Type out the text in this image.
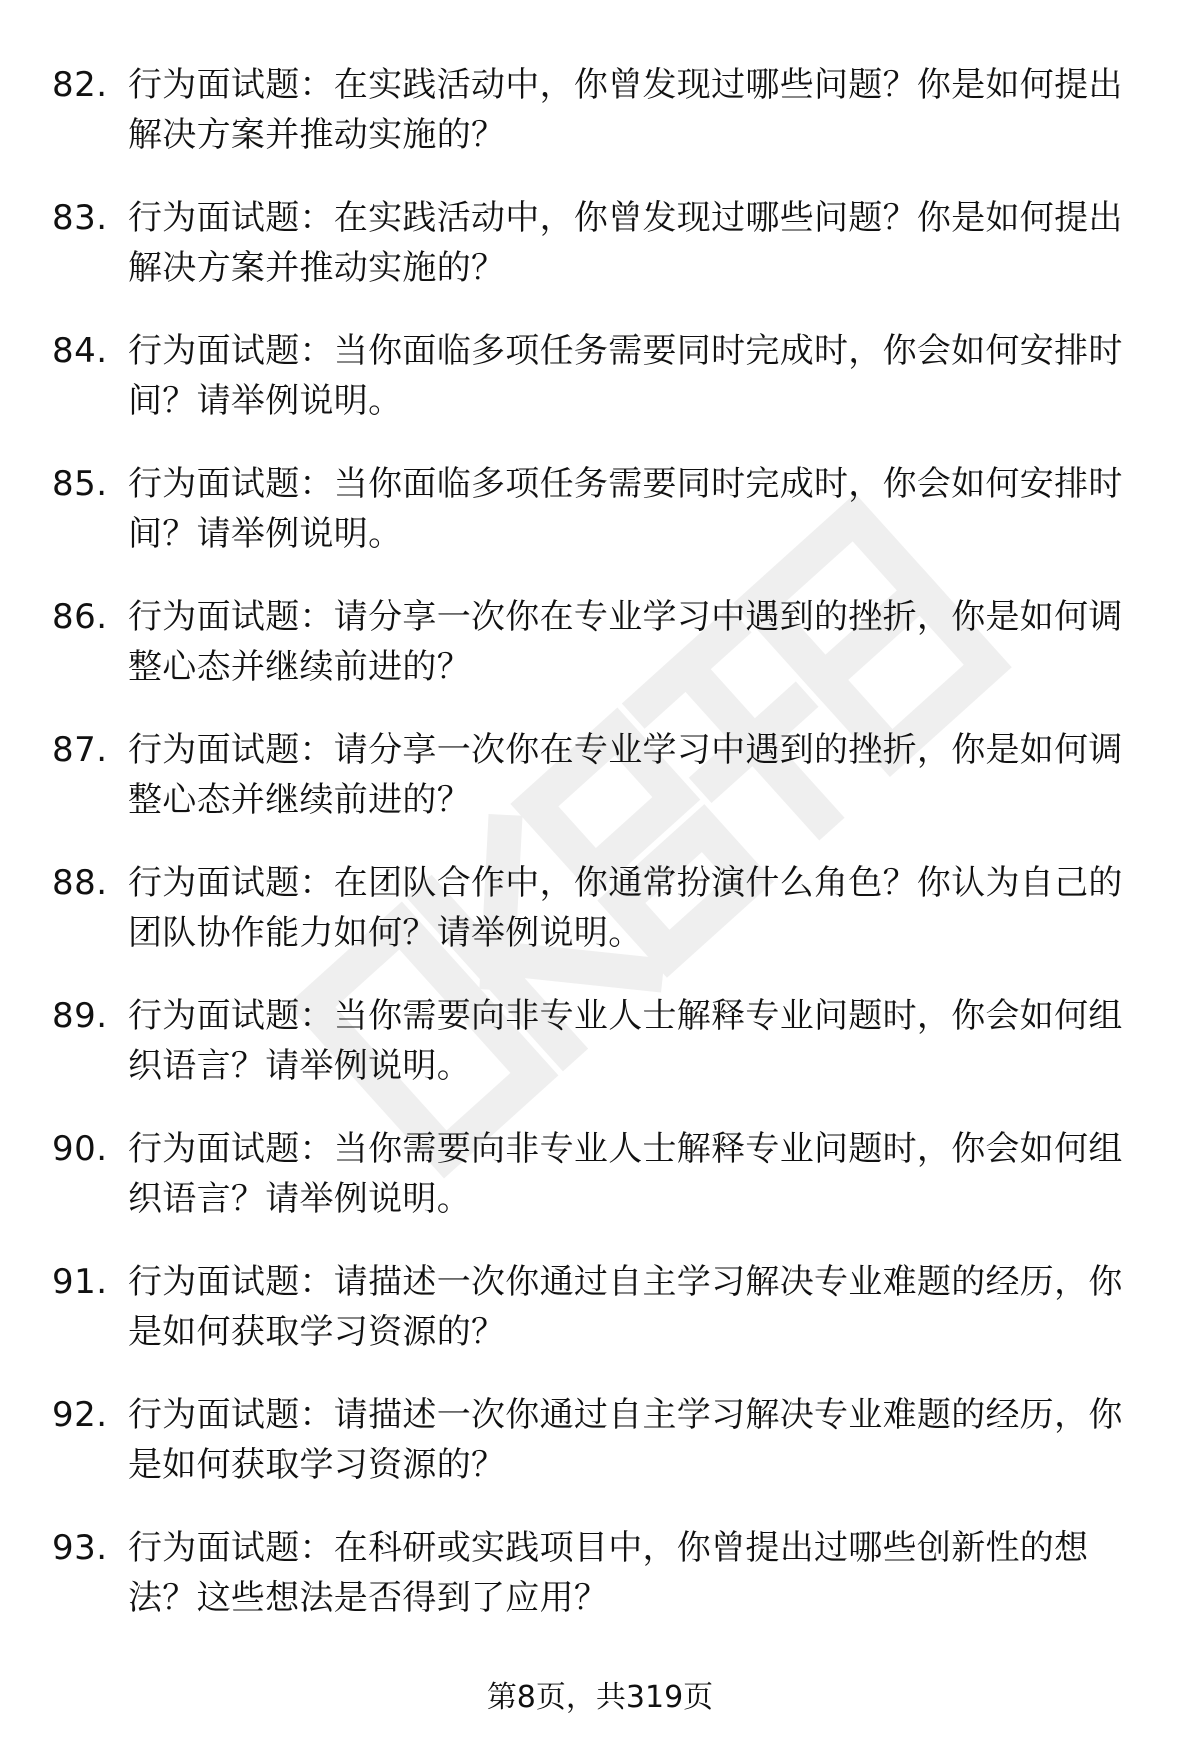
82. 行为面试题：在实践活动中，你曾发现过哪些问题？你是如何提出解决方案并推动实施的？
83. 行为面试题：在实践活动中，你曾发现过哪些问题？你是如何提出解决方案并推动实施的？
84. 行为面试题：当你面临多项任务需要同时完成时，你会如何安排时间？请举例说明。
85. 行为面试题：当你面临多项任务需要同时完成时，你会如何安排时间？请举例说明。
86. 行为面试题：请分享一次你在专业学习中遇到的挫折，你是如何调整心态并继续前进的？
87. 行为面试题：请分享一次你在专业学习中遇到的挫折，你是如何调整心态并继续前进的？
88. 行为面试题：在团队合作中，你通常扮演什么角色？你认为自己的团队协作能力如何？请举例说明。
89. 行为面试题：当你需要向非专业人士解释专业问题时，你会如何组织语言？请举例说明。
90. 行为面试题：当你需要向非专业人士解释专业问题时，你会如何组织语言？请举例说明。
91. 行为面试题：请描述一次你通过自主学习解决专业难题的经历，你是如何获取学习资源的？
92. 行为面试题：请描述一次你通过自主学习解决专业难题的经历，你是如何获取学习资源的？
93. 行为面试题：在科研或实践项目中，你曾提出过哪些创新性的想法？这些想法是否得到了应用？
第8页，共319页
